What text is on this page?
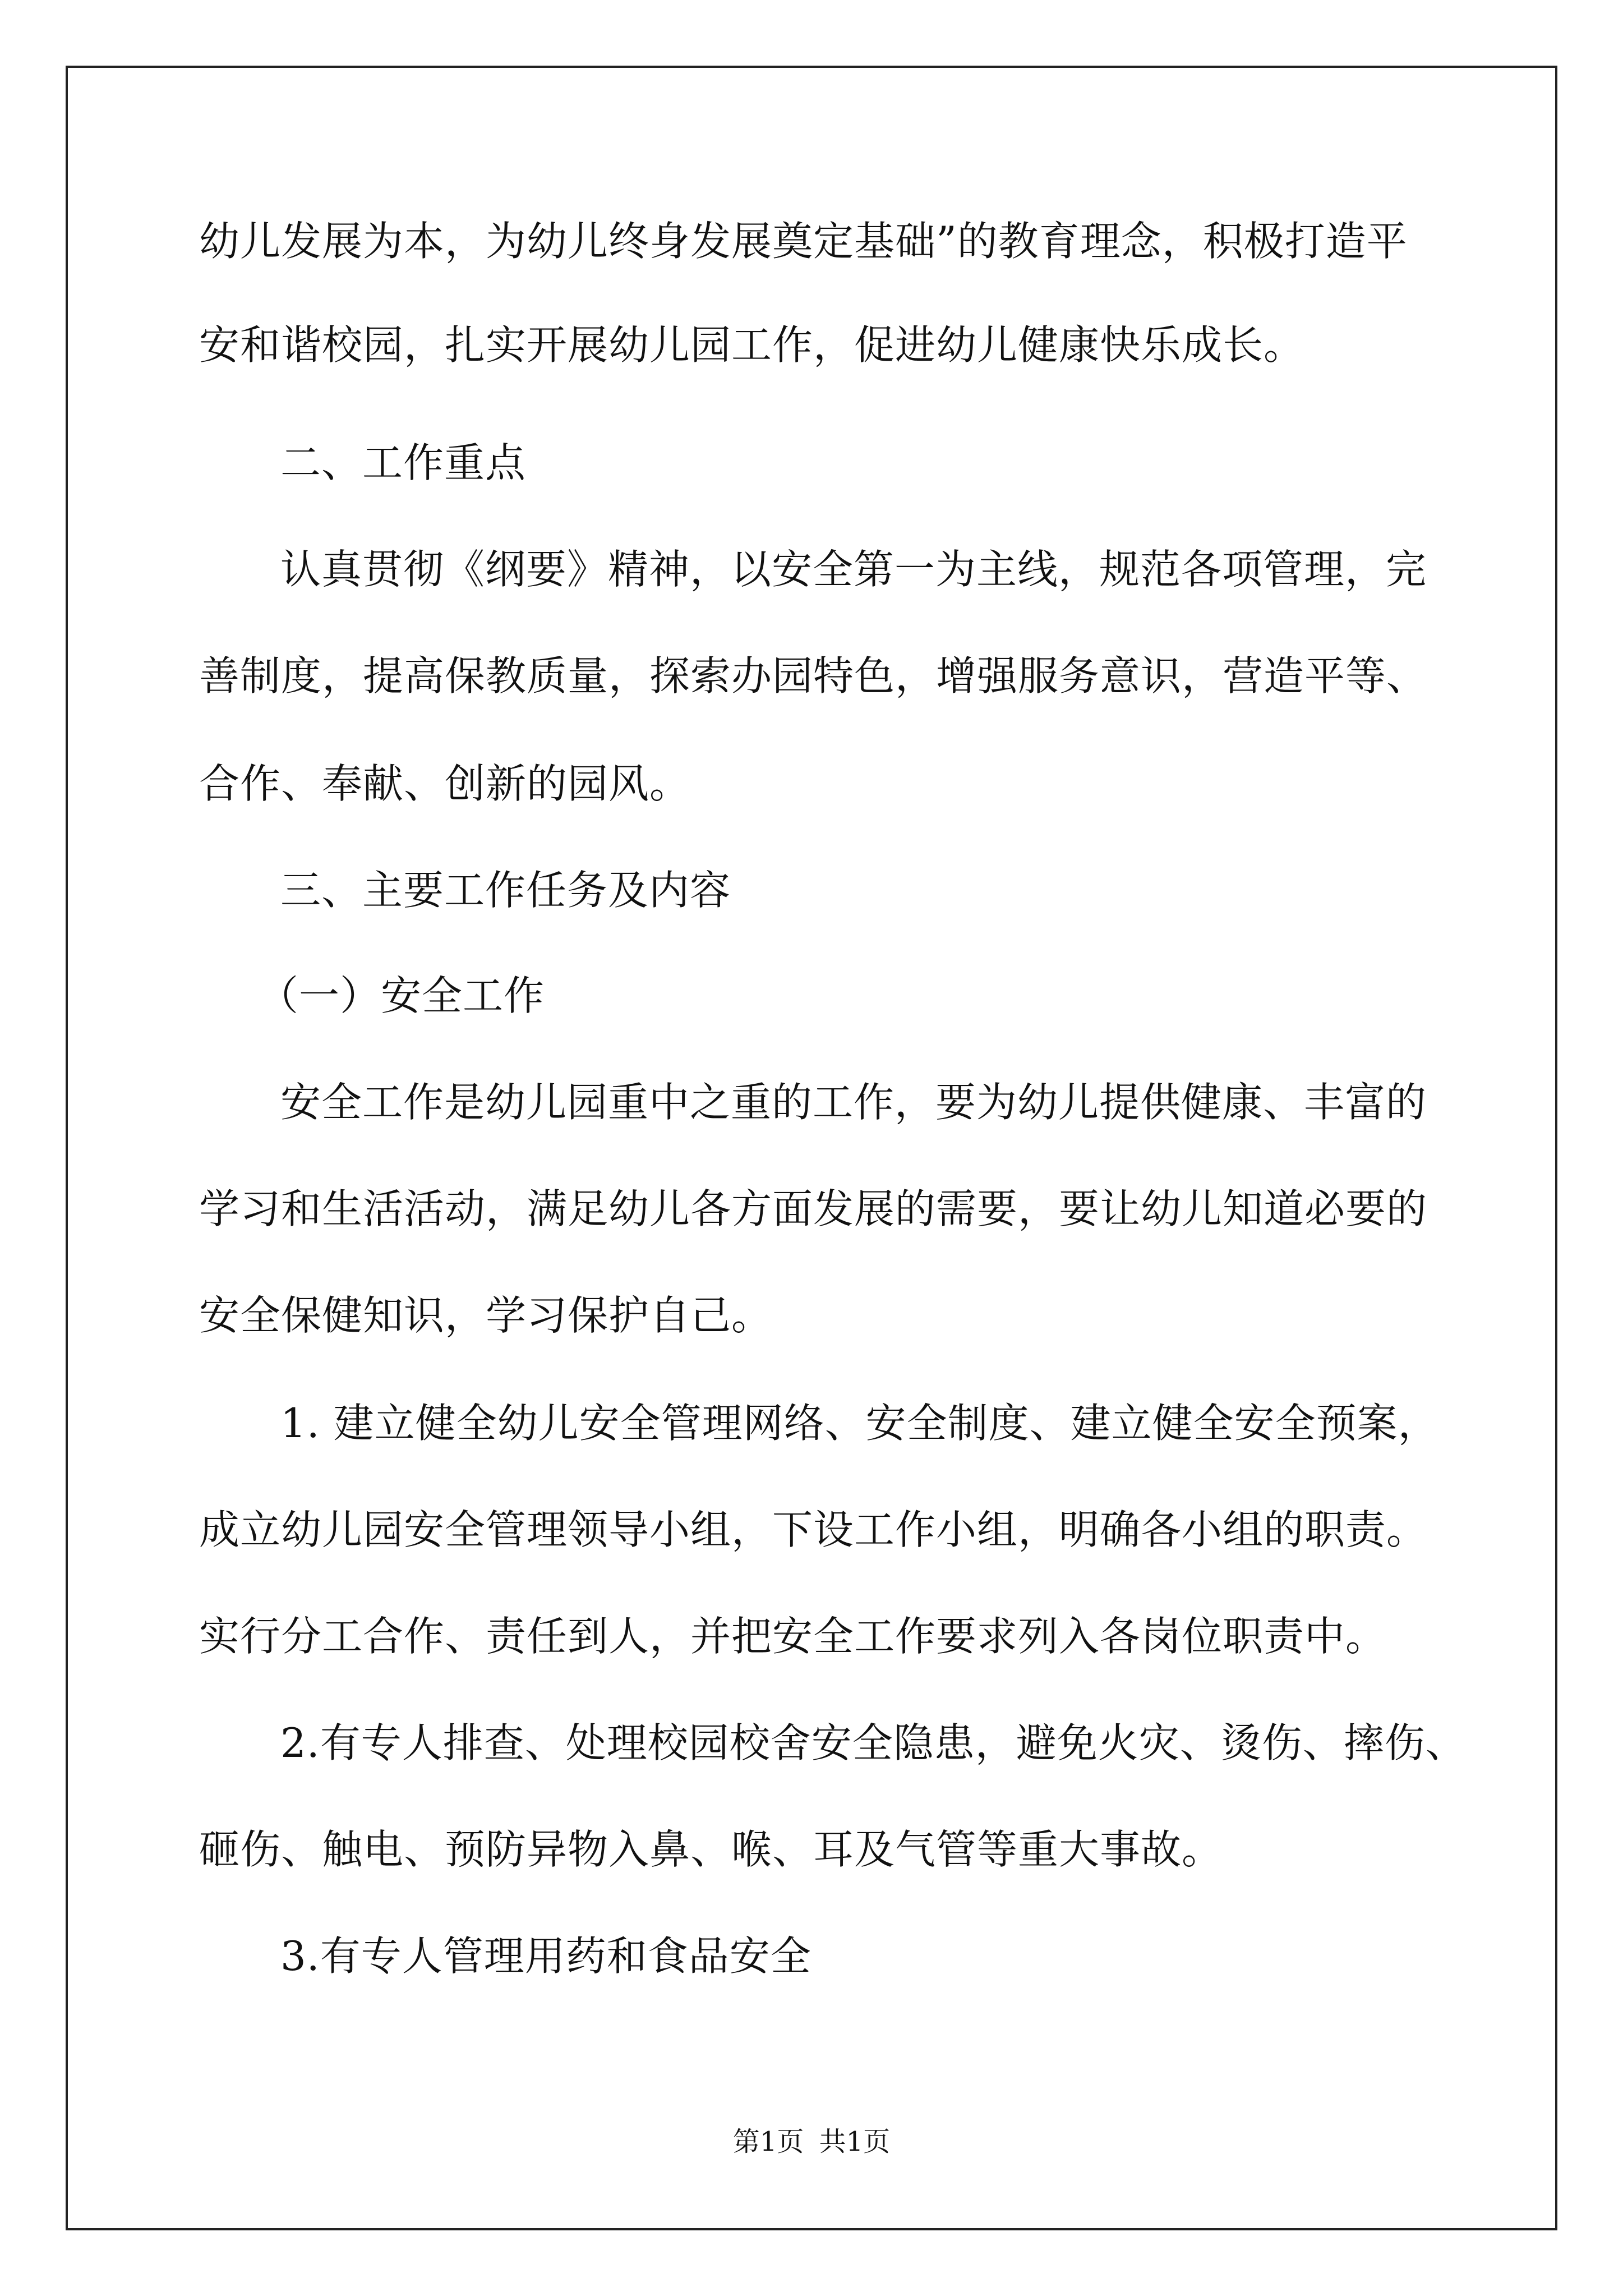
幼儿发展为本，为幼儿终身发展奠定基础”的教育理念，积极打造平
安和谐校园，扎实开展幼儿园工作，促进幼儿健康快乐成长。
二、工作重点
认真贯彻《纲要》精神，以安全第一为主线，规范各项管理，完
善制度，提高保教质量，探索办园特色，增强服务意识，营造平等、
合作、奉献、创新的园风。
三、主要工作任务及内容
（一）安全工作
安全工作是幼儿园重中之重的工作，要为幼儿提供健康、丰富的
学习和生活活动，满足幼儿各方面发展的需要，要让幼儿知道必要的
安全保健知识，学习保护自己。
1. 建立健全幼儿安全管理网络、安全制度、建立健全安全预案，
成立幼儿园安全管理领导小组，下设工作小组，明确各小组的职责。
实行分工合作、责任到人，并把安全工作要求列入各岗位职责中。
2.有专人排查、处理校园校舍安全隐患，避免火灾、烫伤、摔伤、
砸伤、触电、预防异物入鼻、喉、耳及气管等重大事故。
3.有专人管理用药和食品安全
第1页 共1页
